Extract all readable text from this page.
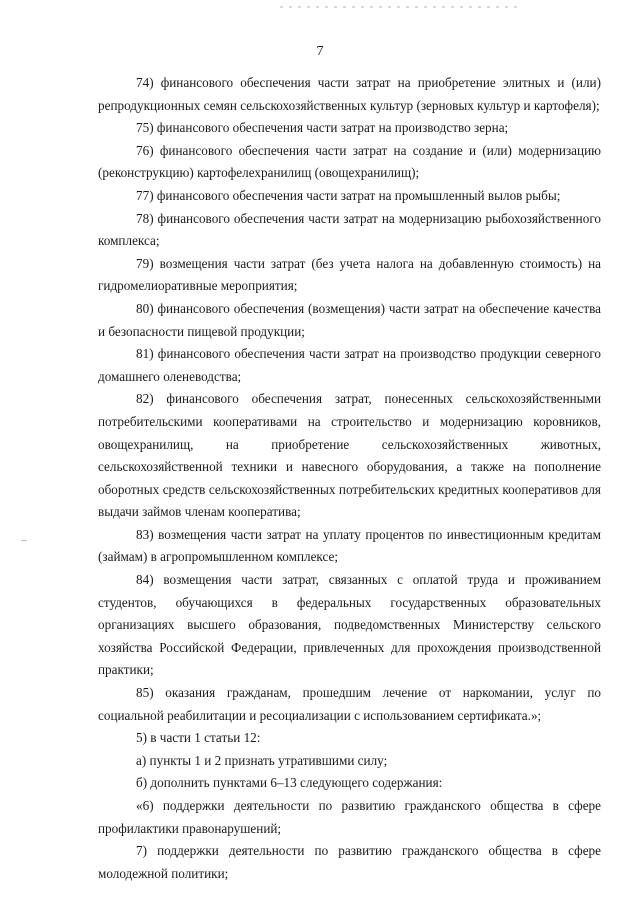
7

74) финансового обеспечения части затрат на приобретение элитных и (или) репродукционных семян сельскохозяйственных культур (зерновых культур и картофеля);

75) финансового обеспечения части затрат на производство зерна;

76) финансового обеспечения части затрат на создание и (или) модернизацию (реконструкцию) картофелехранилищ (овощехранилищ);

77) финансового обеспечения части затрат на промышленный вылов рыбы;

78) финансового обеспечения части затрат на модернизацию рыбохозяйственного комплекса;

79) возмещения части затрат (без учета налога на добавленную стоимость) на гидромелиоративные мероприятия;

80) финансового обеспечения (возмещения) части затрат на обеспечение качества и безопасности пищевой продукции;

81) финансового обеспечения части затрат на производство продукции северного домашнего оленеводства;

82) финансового обеспечения затрат, понесенных сельскохозяйственными потребительскими кооперативами на строительство и модернизацию коровников, овощехранилищ, на приобретение сельскохозяйственных животных, сельскохозяйственной техники и навесного оборудования, а также на пополнение оборотных средств сельскохозяйственных потребительских кредитных кооперативов для выдачи займов членам кооператива;

83) возмещения части затрат на уплату процентов по инвестиционным кредитам (займам) в агропромышленном комплексе;

84) возмещения части затрат, связанных с оплатой труда и проживанием студентов, обучающихся в федеральных государственных образовательных организациях высшего образования, подведомственных Министерству сельского хозяйства Российской Федерации, привлеченных для прохождения производственной практики;

85) оказания гражданам, прошедшим лечение от наркомании, услуг по социальной реабилитации и ресоциализации с использованием сертификата.»;

5) в части 1 статьи 12:

а) пункты 1 и 2 признать утратившими силу;

б) дополнить пунктами 6–13 следующего содержания:

«6) поддержки деятельности по развитию гражданского общества в сфере профилактики правонарушений;

7) поддержки деятельности по развитию гражданского общества в сфере молодежной политики;
